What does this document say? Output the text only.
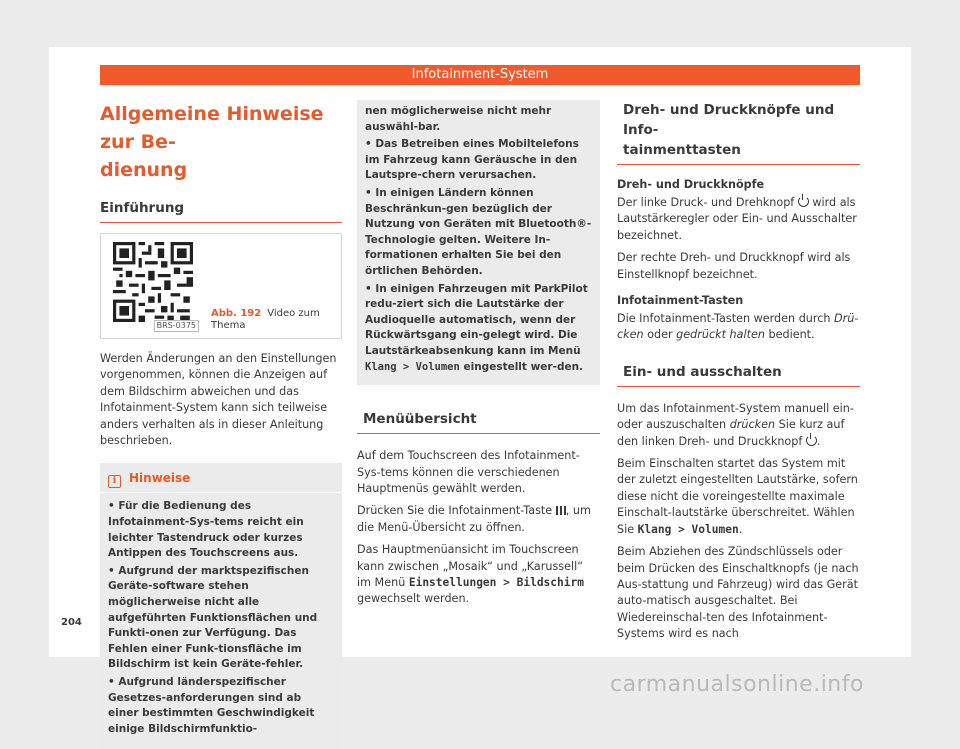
Infotainment-System
Allgemeine Hinweise zur Be-
dienung
Einführung
BRS-0375
Abb. 192 Video zum Thema

Werden Änderungen an den Einstellungen vorgenommen, können die Anzeigen auf dem Bildschirm abweichen und das Infotainment-System kann sich teilweise anders verhalten als in dieser Anleitung beschrieben.

i Hinweise

• Für die Bedienung des Infotainment-Sys-tems reicht ein leichter Tastendruck oder kurzes Antippen des Touchscreens aus.

• Aufgrund der marktspezifischen Geräte-software stehen möglicherweise nicht alle aufgeführten Funktionsflächen und Funkti-onen zur Verfügung. Das Fehlen einer Funk-tionsfläche im Bildschirm ist kein Geräte-fehler.

• Aufgrund länderspezifischer Gesetzes-anforderungen sind ab einer bestimmten Geschwindigkeit einige Bildschirmfunktio-

nen möglicherweise nicht mehr auswähl-bar.

• Das Betreiben eines Mobiltelefons im Fahrzeug kann Geräusche in den Lautspre-chern verursachen.

• In einigen Ländern können Beschränkun-gen bezüglich der Nutzung von Geräten mit Bluetooth®-Technologie gelten. Weitere In-formationen erhalten Sie bei den örtlichen Behörden.

• In einigen Fahrzeugen mit ParkPilot redu-ziert sich die Lautstärke der Audioquelle automatisch, wenn der Rückwärtsgang ein-gelegt wird. Die Lautstärkeabsenkung kann im Menü Klang > Volumen eingestellt wer-den.

Menüübersicht

Auf dem Touchscreen des Infotainment-Sys-tems können die verschiedenen Hauptmenüs gewählt werden.

Drücken Sie die Infotainment-Taste , um die Menü-Übersicht zu öffnen.

Das Hauptmenüansicht im Touchscreen kann zwischen „Mosaik“ und „Karussell“ im Menü Einstellungen > Bildschirm gewechselt werden.

Dreh- und Druckknöpfe und Info-
tainmenttasten
Dreh- und Druckknöpfe

Der linke Druck- und Drehknopf wird als Lautstärkeregler oder Ein- und Ausschalter bezeichnet.

Der rechte Dreh- und Druckknopf wird als Einstellknopf bezeichnet.

Infotainment-Tasten

Die Infotainment-Tasten werden durch Drü-cken oder gedrückt halten bedient.

Ein- und ausschalten

Um das Infotainment-System manuell ein- oder auszuschalten drücken Sie kurz auf den linken Dreh- und Druckknopf .

Beim Einschalten startet das System mit der zuletzt eingestellten Lautstärke, sofern diese nicht die voreingestellte maximale Einschalt-lautstärke überschreitet. Wählen Sie Klang > Volumen.

Beim Abziehen des Zündschlüssels oder beim Drücken des Einschaltknopfs (je nach Aus-stattung und Fahrzeug) wird das Gerät auto-matisch ausgeschaltet. Bei Wiedereinschal-ten des Infotainment-Systems wird es nach

204
carmanualsonline.info
